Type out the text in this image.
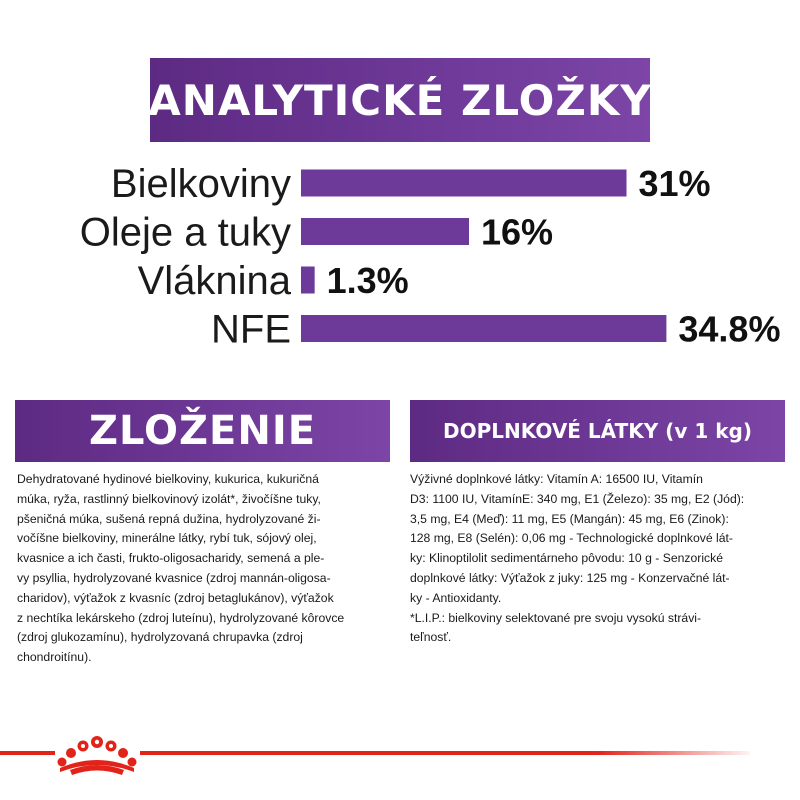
ANALYTICKÉ ZLOŽKY
Bielkoviny	31%
Oleje a tuky	16%
Vláknina 1.3%
NFE	34.8%
ZLOŽENIE	DOPLNKOVÉ LÁTKY (v 1 kg)
Dehydratované hydinové bielkoviny, kukurica, kukuričná
múka, ryža, rastlinný bielkovinový izolát*, živočíšne tuky,
pšeničná múka, sušená repná dužina, hydrolyzované ži-
vočíšne bielkoviny, minerálne látky, rybí tuk, sójový olej,
kvasnice a ich časti, frukto-oligosacharidy, semená a ple-
vy psyllia, hydrolyzované kvasnice (zdroj mannán-oligosa-
charidov), výťažok z kvasníc (zdroj betaglukánov), výťažok
z nechtíka lekárskeho (zdroj luteínu), hydrolyzované kôrovce
(zdroj glukozamínu), hydrolyzovaná chrupavka (zdroj
chondroitínu).
Výživné doplnkové látky: Vitamín A: 16500 IU, Vitamín
D3: 1100 IU, VitamínE: 340 mg, E1 (Železo): 35 mg, E2 (Jód):
3,5 mg, E4 (Meď): 11 mg, E5 (Mangán): 45 mg, E6 (Zinok):
128 mg, E8 (Selén): 0,06 mg - Technologické doplnkové lát-
ky: Klinoptilolit sedimentárneho pôvodu: 10 g - Senzorické
doplnkové látky: Výťažok z juky: 125 mg - Konzervačné lát-
ky - Antioxidanty.
*L.I.P.: bielkoviny selektované pre svoju vysokú strávi-
teľnosť.
